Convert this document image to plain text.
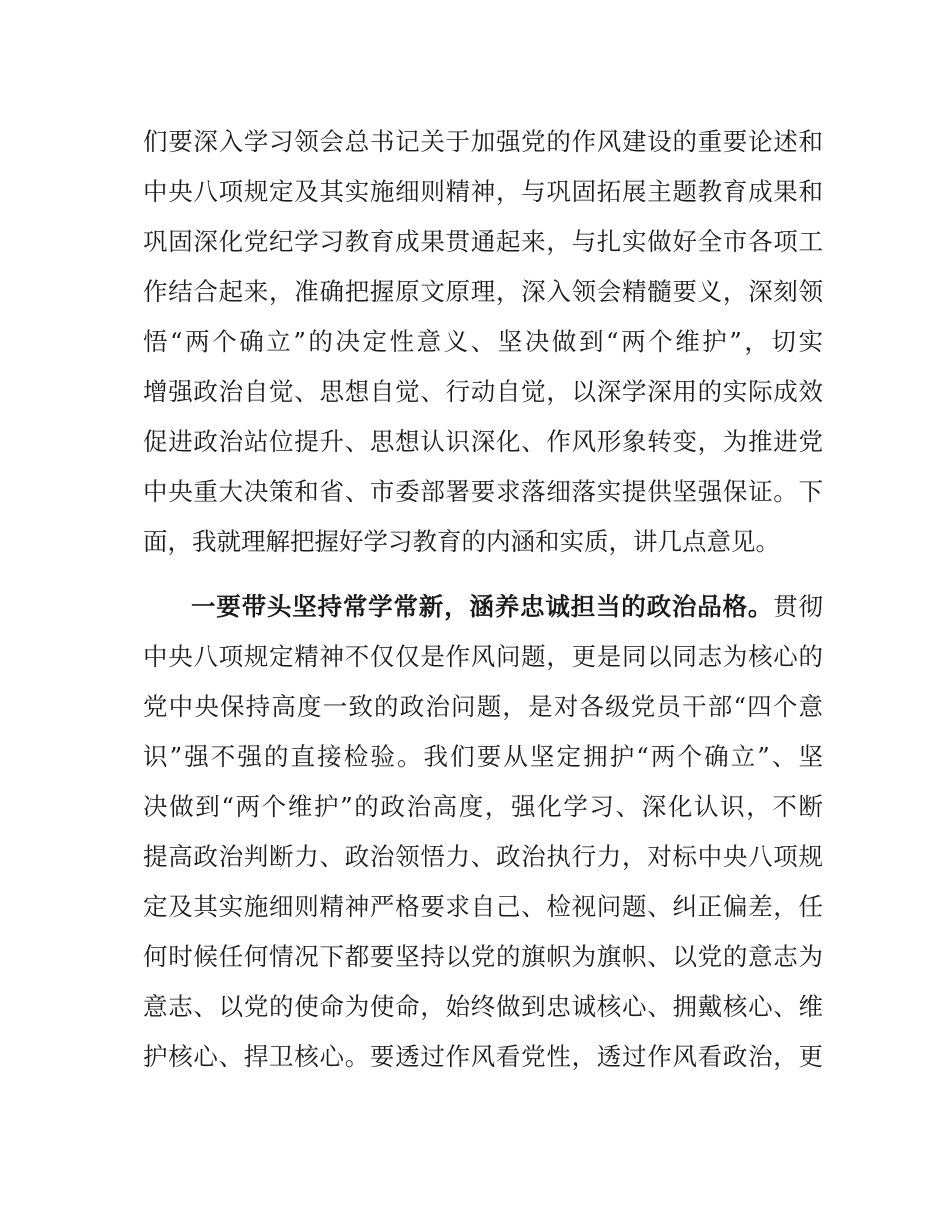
们要深入学习领会总书记关于加强党的作风建设的重要论述和
中央八项规定及其实施细则精神，与巩固拓展主题教育成果和
巩固深化党纪学习教育成果贯通起来，与扎实做好全市各项工
作结合起来，准确把握原文原理，深入领会精髓要义，深刻领
悟“两个确立”的决定性意义、坚决做到“两个维护”，切实
增强政治自觉、思想自觉、行动自觉，以深学深用的实际成效
促进政治站位提升、思想认识深化、作风形象转变，为推进党
中央重大决策和省、市委部署要求落细落实提供坚强保证。下
面，我就理解把握好学习教育的内涵和实质，讲几点意见。
一要带头坚持常学常新，涵养忠诚担当的政治品格。贯彻
中央八项规定精神不仅仅是作风问题，更是同以同志为核心的
党中央保持高度一致的政治问题，是对各级党员干部“四个意
识”强不强的直接检验。我们要从坚定拥护“两个确立”、坚
决做到“两个维护”的政治高度，强化学习、深化认识，不断
提高政治判断力、政治领悟力、政治执行力，对标中央八项规
定及其实施细则精神严格要求自己、检视问题、纠正偏差，任
何时候任何情况下都要坚持以党的旗帜为旗帜、以党的意志为
意志、以党的使命为使命，始终做到忠诚核心、拥戴核心、维
护核心、捍卫核心。要透过作风看党性，透过作风看政治，更
